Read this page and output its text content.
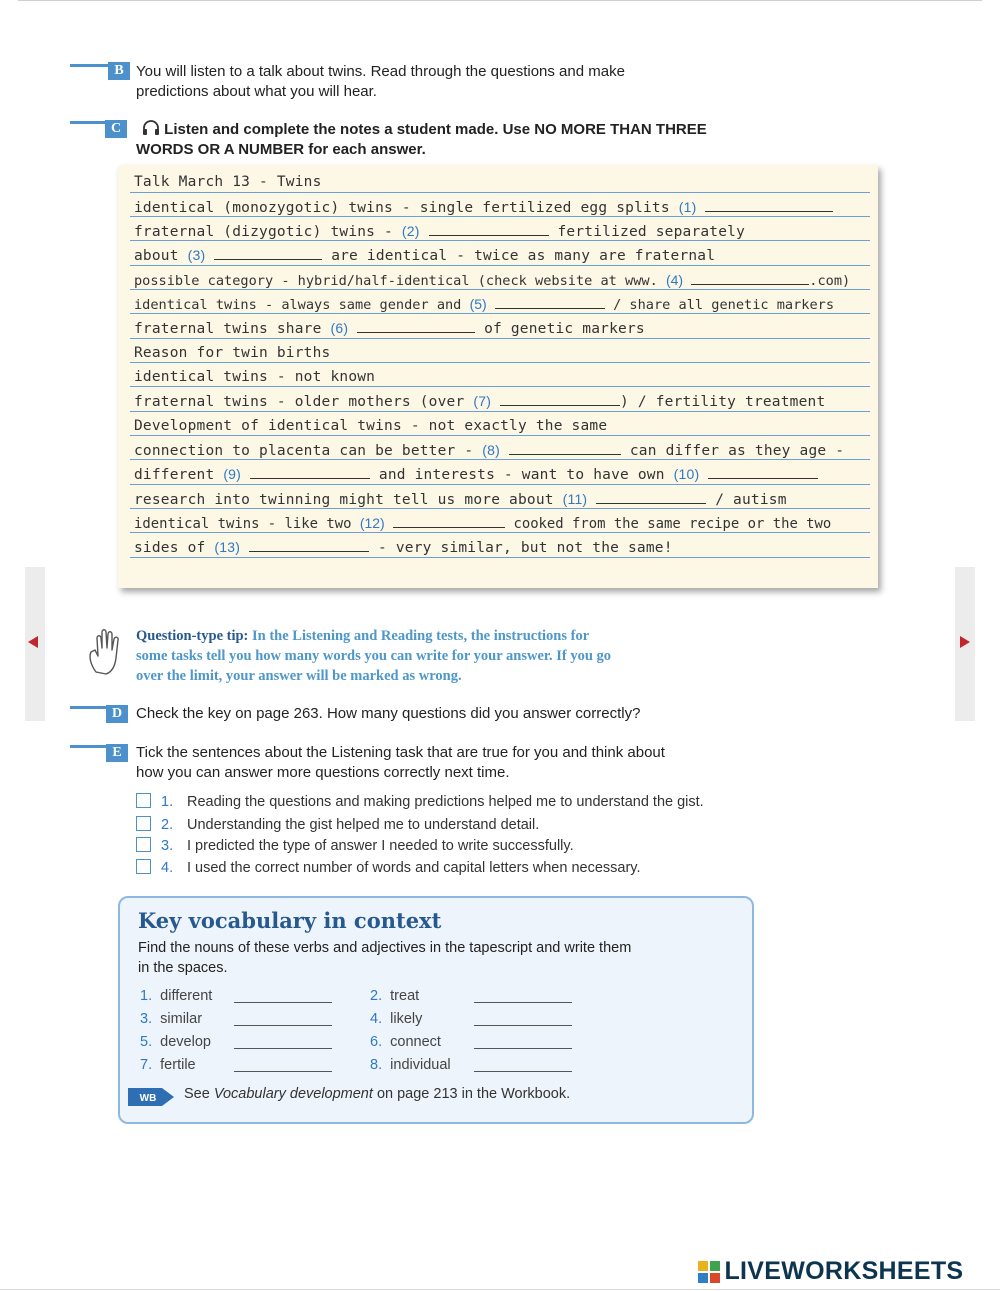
B You will listen to a talk about twins. Read through the questions and make
predictions about what you will hear.
C	Listen and complete the notes a student made. Use NO MORE THAN THREE
WORDS OR A NUMBER for each answer.
Talk March 13 - Twins
identical (monozygotic) twins - single fertilized egg splits (1)
fraternal (dizygotic) twins - (2)	fertilized separately
about (3)	are identical - twice as many are fraternal
possible category - hybrid/half-identical (check website at www. (4)	.com)
identical twins - always same gender and (5)	/ share all genetic markers
fraternal twins share (6)	of genetic markers
Reason for twin births
identical twins - not known
fraternal twins - older mothers (over (7)	) / fertility treatment
Development of identical twins - not exactly the same
connection to placenta can be better - (8)	can differ as they age -
different (9)	and interests - want to have own (10)
research into twinning might tell us more about (11)	/ autism
identical twins - like two (12)	cooked from the same recipe or the two
sides of (13)	- very similar, but not the same!
Question-type tip: In the Listening and Reading tests, the instructions for
some tasks tell you how many words you can write for your answer. If you go
over the limit, your answer will be marked as wrong.
D Check the key on page 263. How many questions did you answer correctly?
E Tick the sentences about the Listening task that are true for you and think about
how you can answer more questions correctly next time.
1. Reading the questions and making predictions helped me to understand the gist.
2. Understanding the gist helped me to understand detail.
3. I predicted the type of answer I needed to write successfully.
4. I used the correct number of words and capital letters when necessary.
Key vocabulary in context
Find the nouns of these verbs and adjectives in the tapescript and write them
in the spaces.
1. different	2. treat
3. similar	4. likely
5. develop	6. connect
7. fertile	8. individual
WB See Vocabulary development on page 213 in the Workbook.
LIVEWORKSHEETS
